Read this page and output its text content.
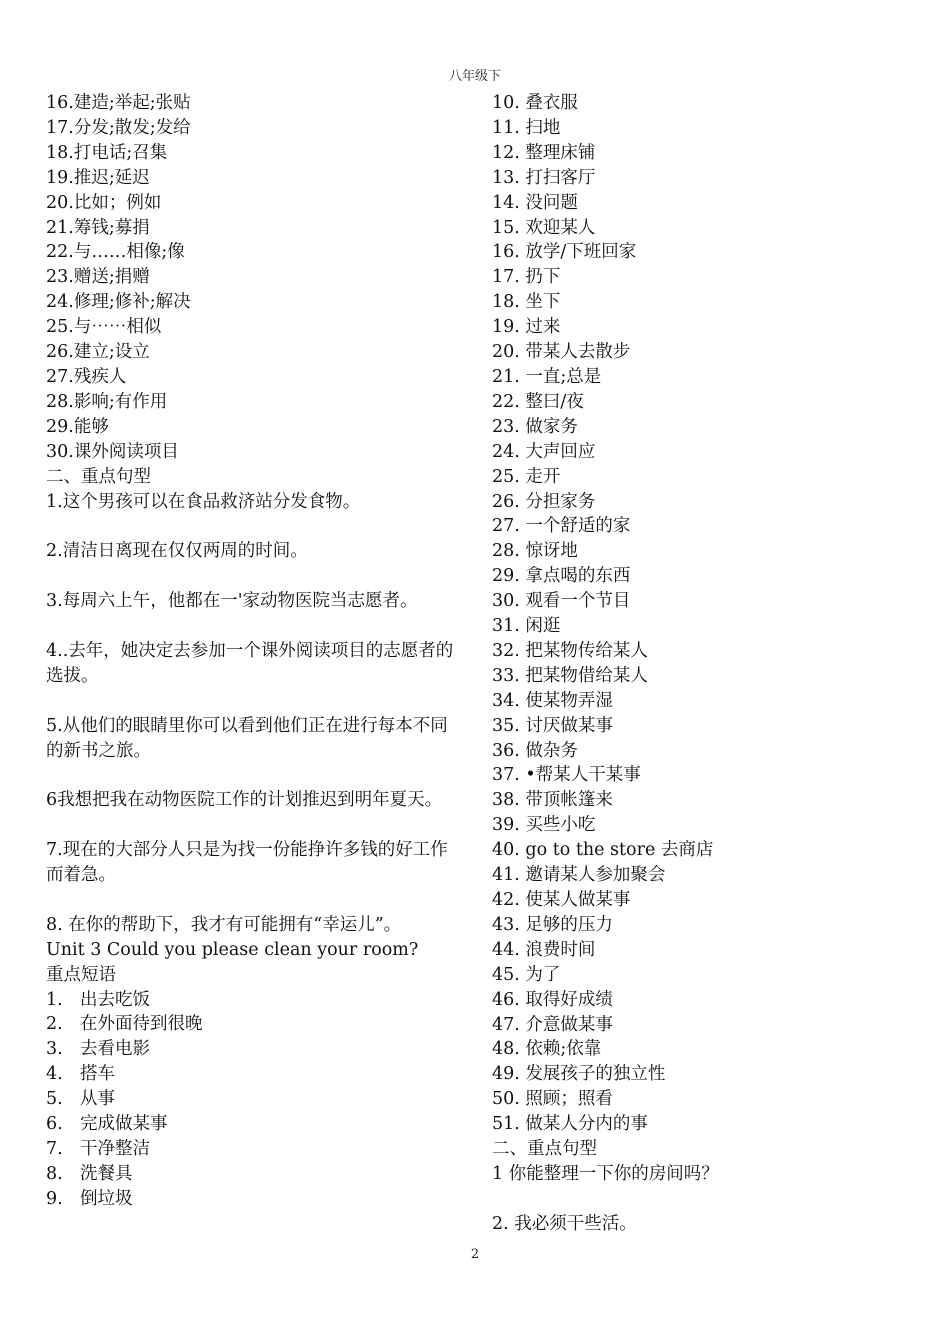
八年级下
16.建造;举起;张贴
17.分发;散发;发给
18.打电话;召集
19.推迟;延迟
20.比如；例如
21.筹钱;募捐
22.与……相像;像
23.赠送;捐赠
24.修理;修补;解决
25.与⋯⋯相似
26.建立;设立
27.残疾人
28.影响;有作用
29.能够
30.课外阅读项目
二、重点句型
1.这个男孩可以在食品救济站分发食物。
2.清洁日离现在仅仅两周的时间。
3.每周六上午，他都在一'家动物医院当志愿者。
4..去年，她决定去参加一个课外阅读项目的志愿者的选拔。
5.从他们的眼睛里你可以看到他们正在进行每本不同的新书之旅。
6我想把我在动物医院工作的计划推迟到明年夏天。
7.现在的大部分人只是为找一份能挣许多钱的好工作而着急。
8. 在你的帮助下，我才有可能拥有“幸运儿”。
Unit 3 Could you please clean your room?
重点短语
1. 出去吃饭
2. 在外面待到很晚
3. 去看电影
4. 搭车
5. 从事
6. 完成做某事
7. 干净整洁
8. 洗餐具
9. 倒垃圾
10. 叠衣服
11. 扫地
12. 整理床铺
13. 打扫客厅
14. 没问题
15. 欢迎某人
16. 放学/下班回家
17. 扔下
18. 坐下
19. 过来
20. 带某人去散步
21. 一直;总是
22. 整曰/夜
23. 做家务
24. 大声回应
25. 走开
26. 分担家务
27. 一个舒适的家
28. 惊讶地
29. 拿点喝的东西
30. 观看一个节目
31. 闲逛
32. 把某物传给某人
33. 把某物借给某人
34. 使某物弄湿
35. 讨厌做某事
36. 做杂务
37. •帮某人干某事
38. 带顶帐篷来
39. 买些小吃
40. go to the store 去商店
41. 邀请某人参加聚会
42. 使某人做某事
43. 足够的压力
44. 浪费时间
45. 为了
46. 取得好成绩
47. 介意做某事
48. 依赖;依靠
49. 发展孩子的独立性
50. 照顾；照看
51. 做某人分内的事
二、重点句型
1 你能整理一下你的房间吗？
2. 我必须干些活。
2
